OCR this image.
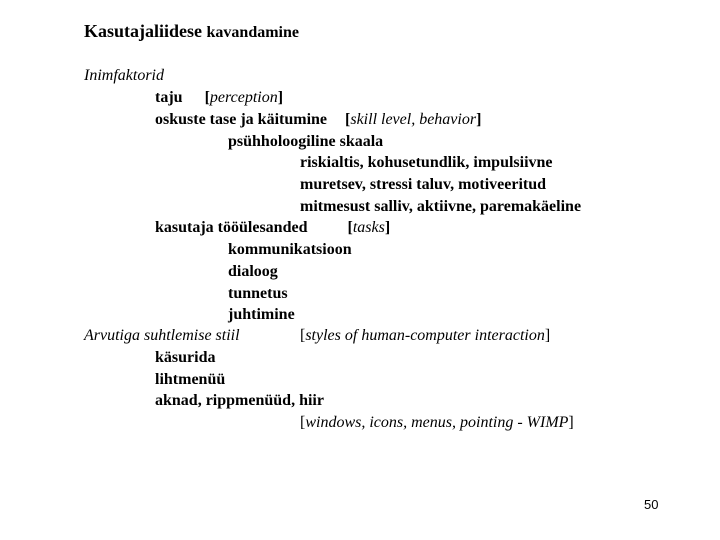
Kasutajaliidese kavandamine
Inimfaktorid
taju [perception]
oskuste tase ja käitumine [skill level, behavior]
psühholoogiline skaala
riskialtis, kohusetundlik, impulsiivne
muretsev, stressi taluv, motiveeritud
mitmesust salliv, aktiivne, paremakäeline
kasutaja tööülesanded	[tasks]
kommunikatsioon
dialoog
tunnetus
juhtimine
Arvutiga suhtlemise stiil	[styles of human-computer interaction]
käsurida
lihtmenüü
aknad, rippmenüüd, hiir
[windows, icons, menus, pointing - WIMP]
50
